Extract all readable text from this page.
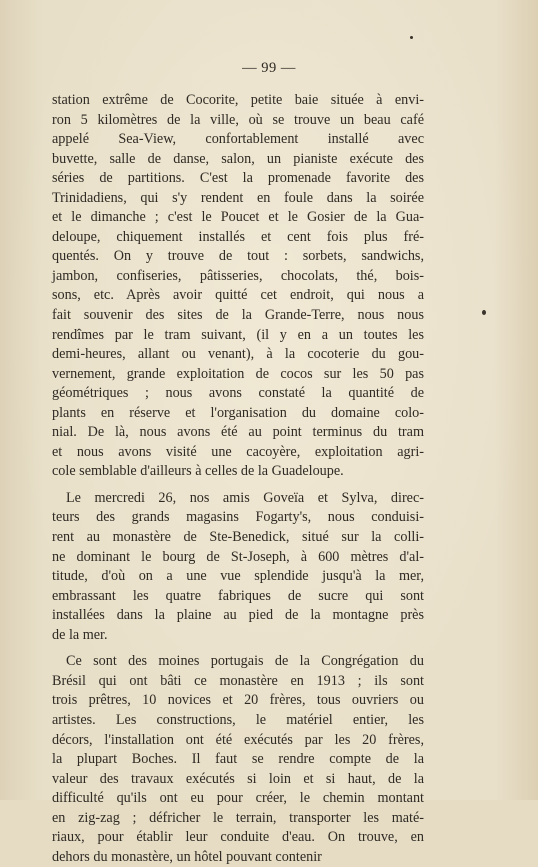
— 99 —
station extrême de Cocorite, petite baie située à envi-
ron 5 kilomètres de la ville, où se trouve un beau café
appelé Sea-View, confortablement installé avec
buvette, salle de danse, salon, un pianiste exécute des
séries de partitions. C'est la promenade favorite des
Trinidadiens, qui s'y rendent en foule dans la soirée
et le dimanche ; c'est le Poucet et le Gosier de la Gua-
deloupe, chiquement installés et cent fois plus fré-
quentés. On y trouve de tout : sorbets, sandwichs,
jambon, confiseries, pâtisseries, chocolats, thé, bois-
sons, etc. Après avoir quitté cet endroit, qui nous a
fait souvenir des sites de la Grande-Terre, nous nous
rendîmes par le tram suivant, (il y en a un toutes les
demi-heures, allant ou venant), à la cocoterie du gou-
vernement, grande exploitation de cocos sur les 50 pas
géométriques ; nous avons constaté la quantité de
plants en réserve et l'organisation du domaine colo-
nial. De là, nous avons été au point terminus du tram
et nous avons visité une cacoyère, exploitation agri-
cole semblable d'ailleurs à celles de la Guadeloupe.
Le mercredi 26, nos amis Goveïa et Sylva, direc-
teurs des grands magasins Fogarty's, nous conduisi-
rent au monastère de Ste-Benedick, situé sur la colli-
ne dominant le bourg de St-Joseph, à 600 mètres d'al-
titude, d'où on a une vue splendide jusqu'à la mer,
embrassant les quatre fabriques de sucre qui sont
installées dans la plaine au pied de la montagne près
de la mer.
Ce sont des moines portugais de la Congrégation du
Brésil qui ont bâti ce monastère en 1913 ; ils sont
trois prêtres, 10 novices et 20 frères, tous ouvriers ou
artistes. Les constructions, le matériel entier, les
décors, l'installation ont été exécutés par les 20 frères,
la plupart Boches. Il faut se rendre compte de la
valeur des travaux exécutés si loin et si haut, de la
difficulté qu'ils ont eu pour créer, le chemin montant
en zig-zag ; défricher le terrain, transporter les maté-
riaux, pour établir leur conduite d'eau. On trouve, en
dehors du monastère, un hôtel pouvant contenir
